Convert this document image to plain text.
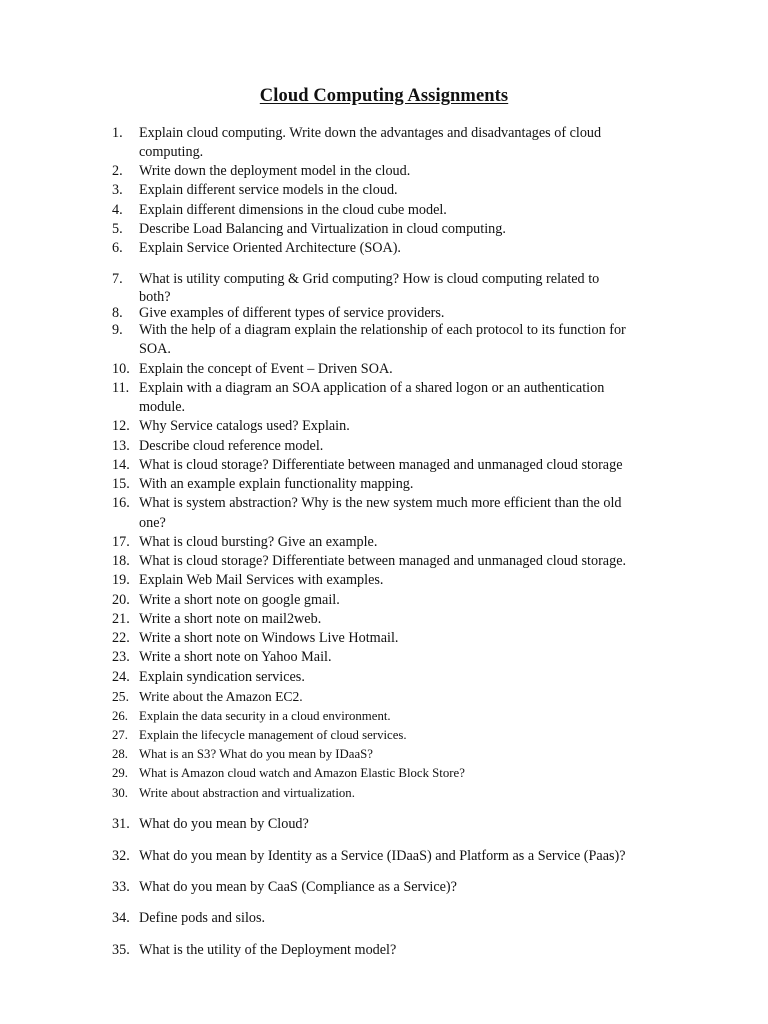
Cloud Computing Assignments
1.	Explain cloud computing. Write down the advantages and disadvantages of cloud
computing.
2.	Write down the deployment model in the cloud.
3.	Explain different service models in the cloud.
4.	Explain different dimensions in the cloud cube model.
5.	Describe Load Balancing and Virtualization in cloud computing.
6.	Explain Service Oriented Architecture (SOA).
7.	What is utility computing & Grid computing? How is cloud computing related to
both?
8.	Give examples of different types of service providers.
9.	With the help of a diagram explain the relationship of each protocol to its function for
SOA.
10. Explain the concept of Event – Driven SOA.
11. Explain with a diagram an SOA application of a shared logon or an authentication
module.
12. Why Service catalogs used? Explain.
13. Describe cloud reference model.
14. What is cloud storage? Differentiate between managed and unmanaged cloud storage
15. With an example explain functionality mapping.
16. What is system abstraction? Why is the new system much more efficient than the old
one?
17. What is cloud bursting? Give an example.
18. What is cloud storage? Differentiate between managed and unmanaged cloud storage.
19. Explain Web Mail Services with examples.
20. Write a short note on google gmail.
21. Write a short note on mail2web.
22. Write a short note on Windows Live Hotmail.
23. Write a short note on Yahoo Mail.
24. Explain syndication services.
25. Write about the Amazon EC2.
26. Explain the data security in a cloud environment.
27. Explain the lifecycle management of cloud services.
28. What is an S3? What do you mean by IDaaS?
29. What is Amazon cloud watch and Amazon Elastic Block Store?
30. Write about abstraction and virtualization.
31. What do you mean by Cloud?
32. What do you mean by Identity as a Service (IDaaS) and Platform as a Service (Paas)?
33. What do you mean by CaaS (Compliance as a Service)?
34. Define pods and silos.
35. What is the utility of the Deployment model?
